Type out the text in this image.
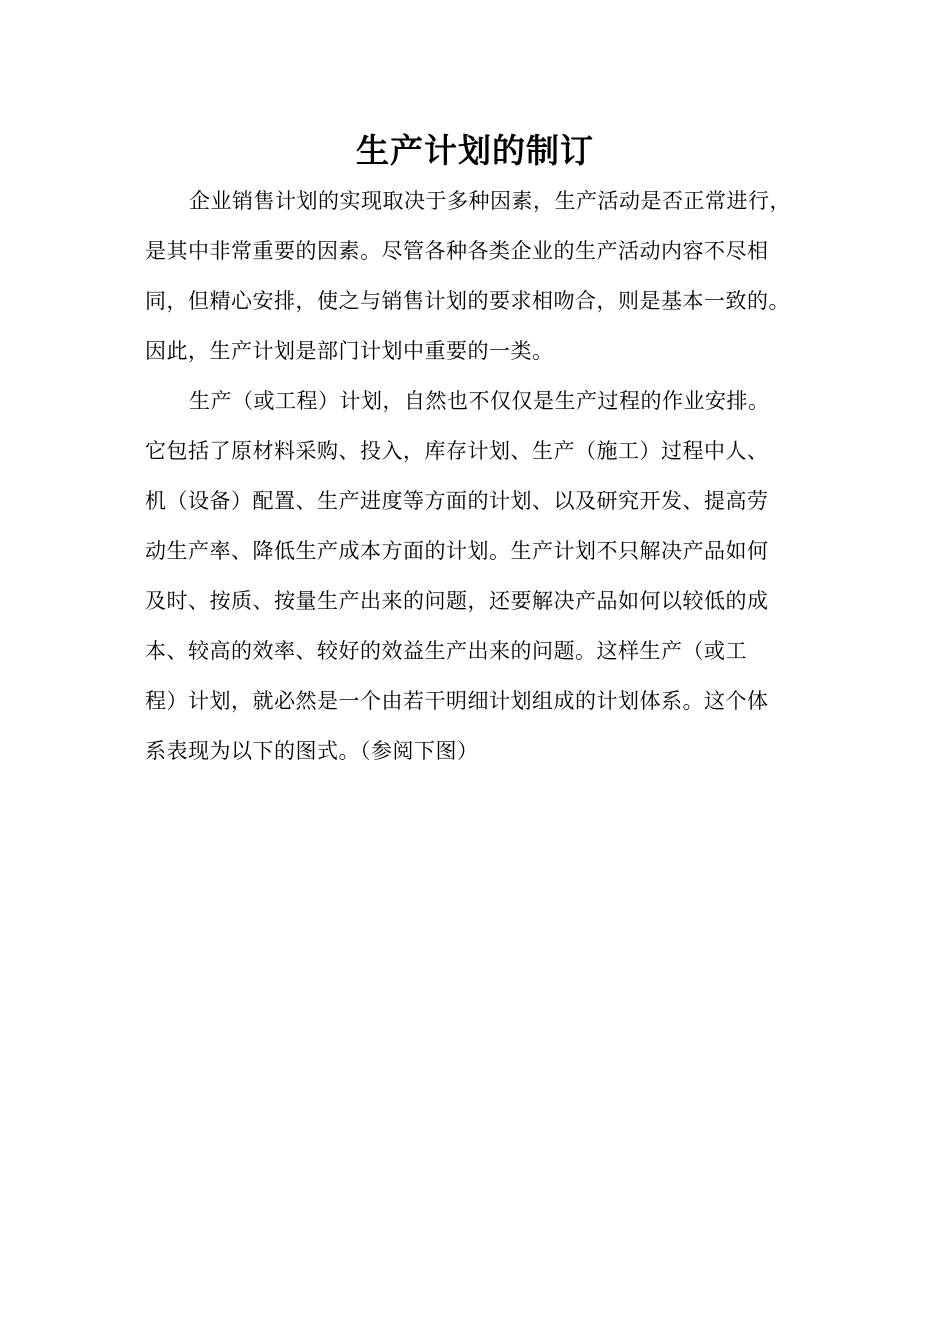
生产计划的制订
企业销售计划的实现取决于多种因素，生产活动是否正常进行，
是其中非常重要的因素。尽管各种各类企业的生产活动内容不尽相
同，但精心安排，使之与销售计划的要求相吻合，则是基本一致的。
因此，生产计划是部门计划中重要的一类。
生产（或工程）计划，自然也不仅仅是生产过程的作业安排。
它包括了原材料采购、投入，库存计划、生产（施工）过程中人、
机（设备）配置、生产进度等方面的计划、以及研究开发、提高劳
动生产率、降低生产成本方面的计划。生产计划不只解决产品如何
及时、按质、按量生产出来的问题，还要解决产品如何以较低的成
本、较高的效率、较好的效益生产出来的问题。这样生产（或工
程）计划，就必然是一个由若干明细计划组成的计划体系。这个体
系表现为以下的图式。（参阅下图）
